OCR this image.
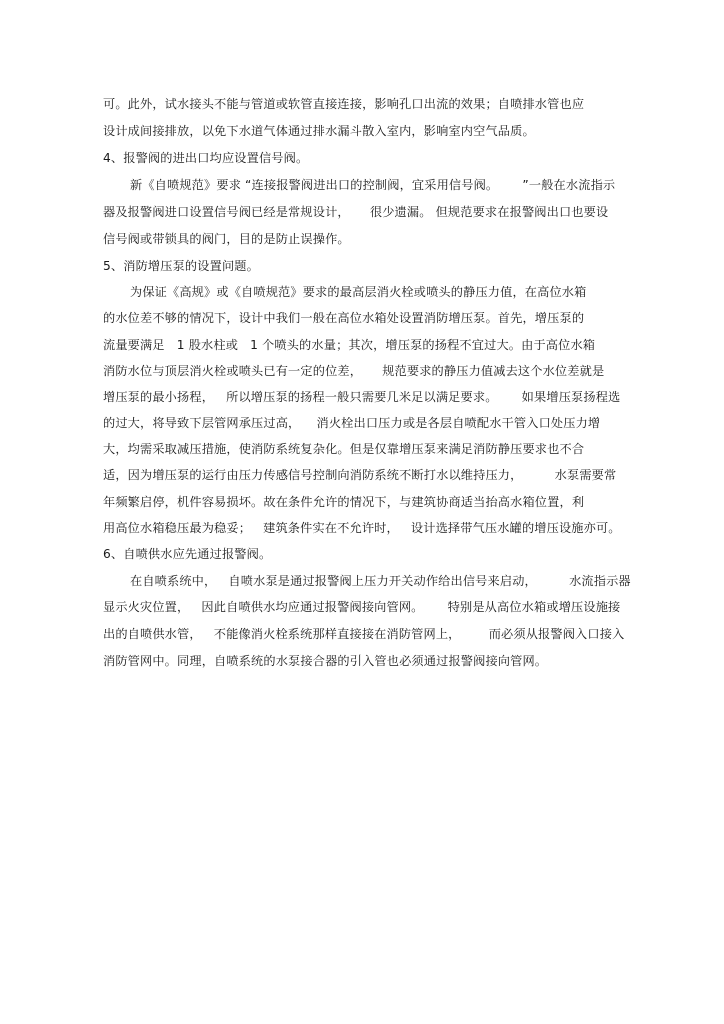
可。此外，试水接头不能与管道或软管直接连接，影响孔口出流的效果；自喷排水管也应
设计成间接排放，以免下水道气体通过排水漏斗散入室内，影响室内空气品质。
4、报警阀的进出口均应设置信号阀。
新《自喷规范》要求 “连接报警阀进出口的控制阀，宜采用信号阀。      ”一般在水流指示
器及报警阀进口设置信号阀已经是常规设计，     很少遗漏。 但规范要求在报警阀出口也要设
信号阀或带锁具的阀门，目的是防止误操作。
5、消防增压泵的设置问题。
为保证《高规》或《自喷规范》要求的最高层消火栓或喷头的静压力值，在高位水箱
的水位差不够的情况下，设计中我们一般在高位水箱处设置消防增压泵。首先，增压泵的
流量要满足   1 股水柱或   1 个喷头的水量；其次，增压泵的扬程不宜过大。由于高位水箱
消防水位与顶层消火栓或喷头已有一定的位差，     规范要求的静压力值减去这个水位差就是
增压泵的最小扬程，   所以增压泵的扬程一般只需要几米足以满足要求。      如果增压泵扬程选
的过大，将导致下层管网承压过高，    消火栓出口压力或是各层自喷配水干管入口处压力增
大，均需采取减压措施，使消防系统复杂化。但是仅靠增压泵来满足消防静压要求也不合
适，因为增压泵的运行由压力传感信号控制向消防系统不断打水以维持压力，        水泵需要常
年频繁启停，机件容易损坏。故在条件允许的情况下，与建筑协商适当抬高水箱位置，利
用高位水箱稳压最为稳妥；   建筑条件实在不允许时，   设计选择带气压水罐的增压设施亦可。
6、自喷供水应先通过报警阀。
在自喷系统中，   自喷水泵是通过报警阀上压力开关动作给出信号来启动，        水流指示器
显示火灾位置，   因此自喷供水均应通过报警阀接向管网。      特别是从高位水箱或增压设施接
出的自喷供水管，   不能像消火栓系统那样直接接在消防管网上，       而必须从报警阀入口接入
消防管网中。同理，自喷系统的水泵接合器的引入管也必须通过报警阀接向管网。
